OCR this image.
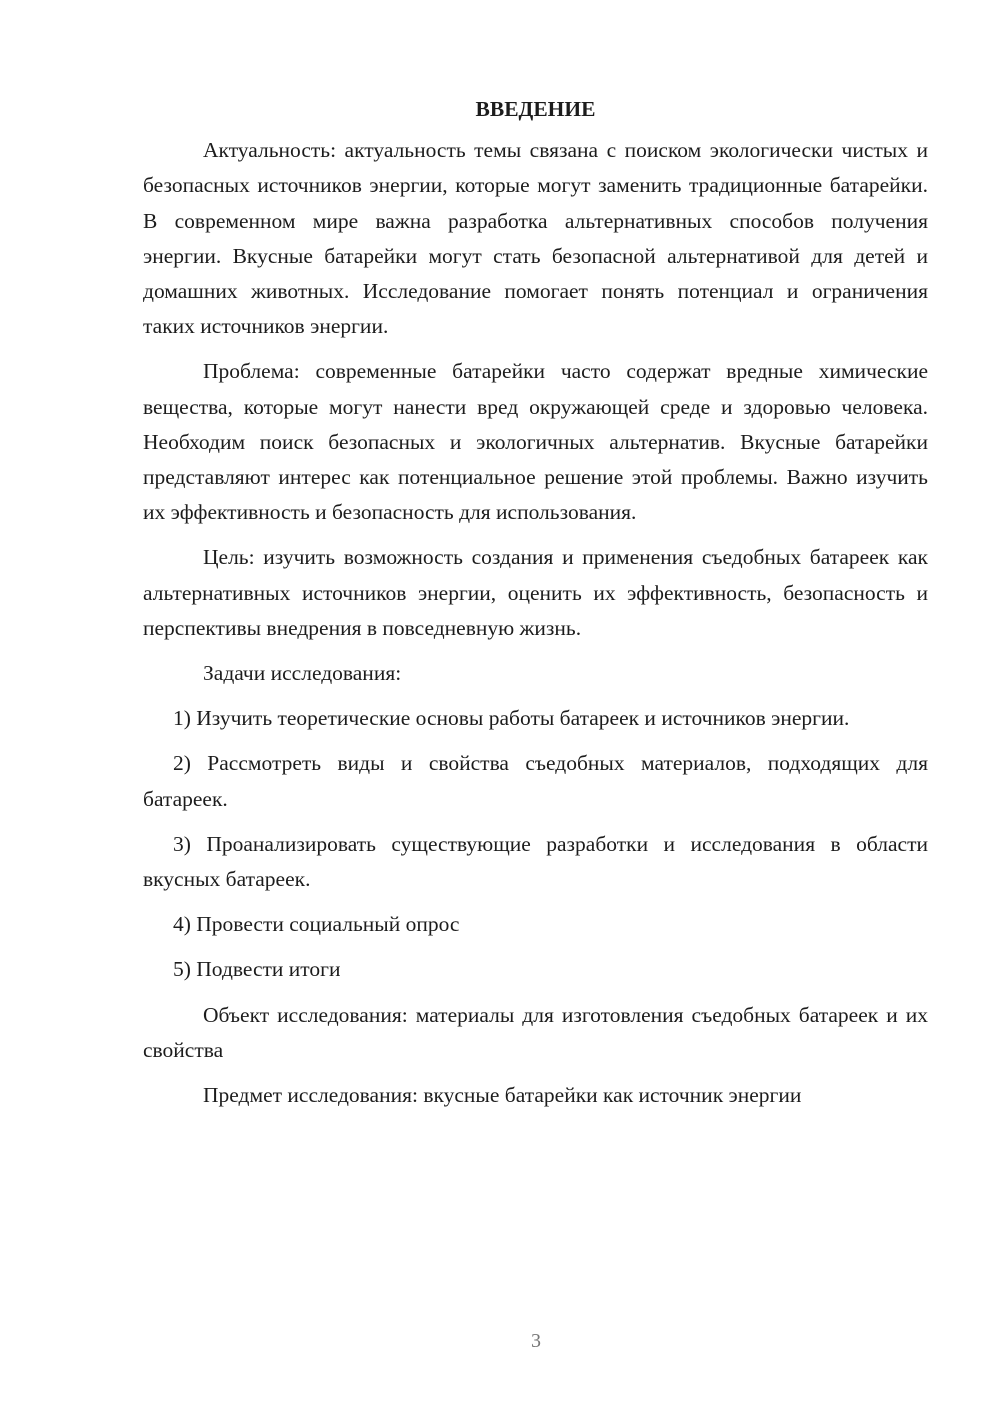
ВВЕДЕНИЕ

Актуальность: актуальность темы связана с поиском экологически чистых и безопасных источников энергии, которые могут заменить традиционные батарейки. В современном мире важна разработка альтернативных способов получения энергии. Вкусные батарейки могут стать безопасной альтернативой для детей и домашних животных. Исследование помогает понять потенциал и ограничения таких источников энергии.

Проблема: современные батарейки часто содержат вредные химические вещества, которые могут нанести вред окружающей среде и здоровью человека. Необходим поиск безопасных и экологичных альтернатив. Вкусные батарейки представляют интерес как потенциальное решение этой проблемы. Важно изучить их эффективность и безопасность для использования.

Цель: изучить возможность создания и применения съедобных батареек как альтернативных источников энергии, оценить их эффективность, безопасность и перспективы внедрения в повседневную жизнь.

Задачи исследования:

1) Изучить теоретические основы работы батареек и источников энергии.

2) Рассмотреть виды и свойства съедобных материалов, подходящих для батареек.

3) Проанализировать существующие разработки и исследования в области вкусных батареек.

4) Провести социальный опрос

5) Подвести итоги

Объект исследования: материалы для изготовления съедобных батареек и их свойства

Предмет исследования: вкусные батарейки как источник энергии

3
